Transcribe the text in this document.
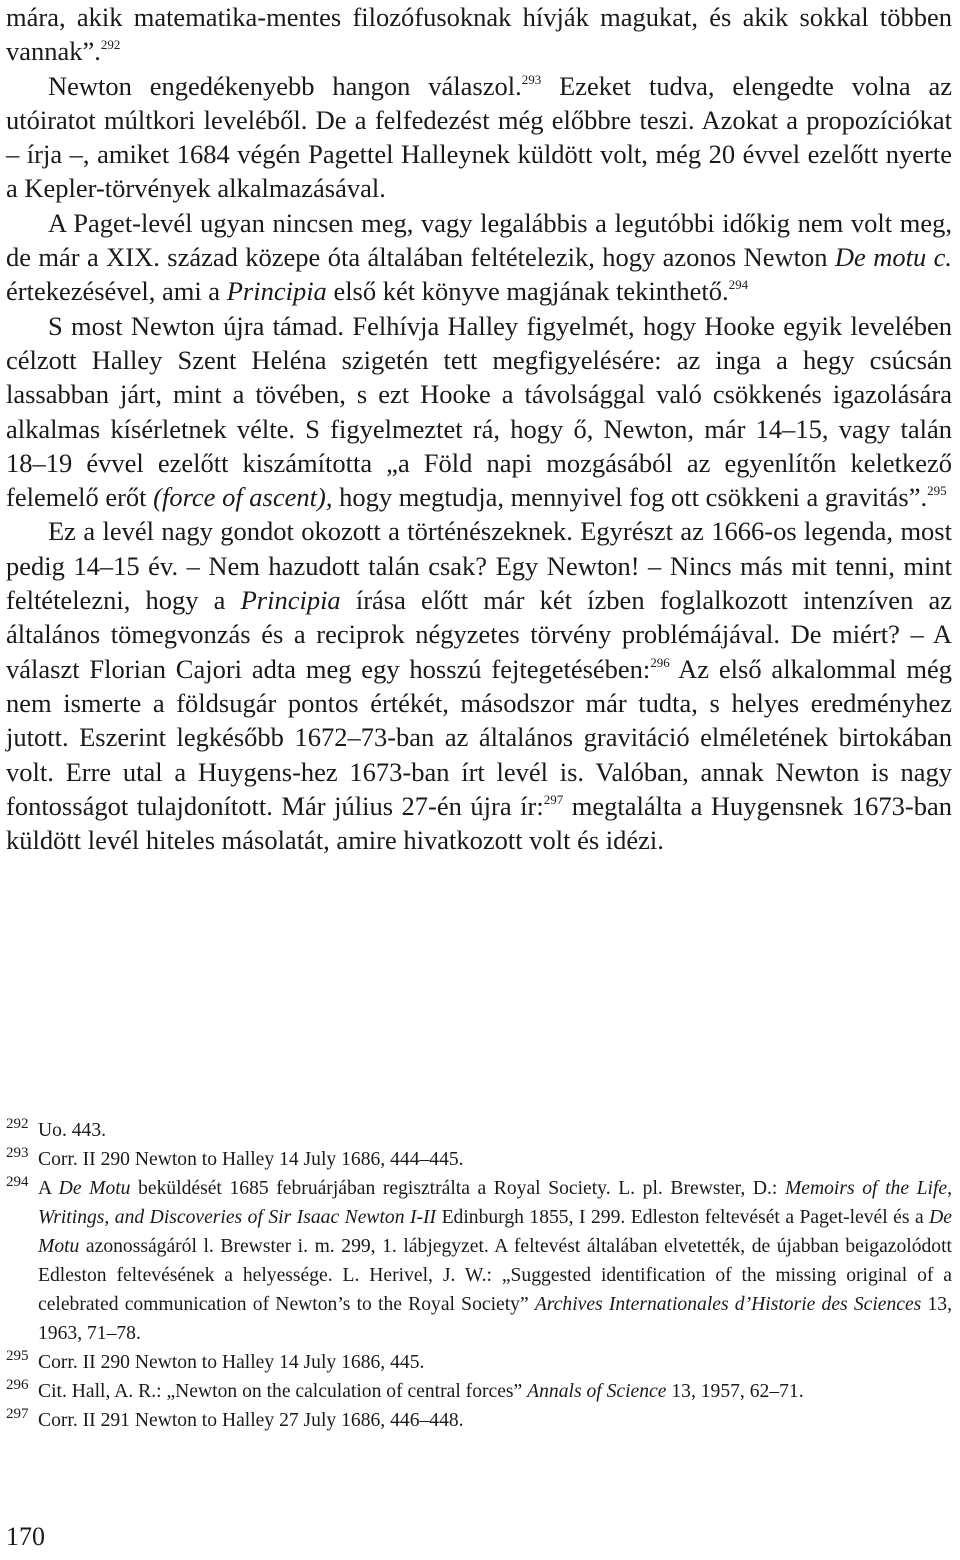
mára, akik matematika-mentes filozófusoknak hívják magukat, és akik sokkal többen vannak”.$^{292}$

Newton engedékenyebb hangon válaszol.$^{293}$ Ezeket tudva, elengedte volna az utóiratot múltkori leveléből. De a felfedezést még előbbre teszi. Azokat a propozíciókat – írja –, amiket 1684 végén Pagettel Halleynek küldött volt, még 20 évvel ezelőtt nyerte a Kepler-törvények alkalmazásával.

A Paget-levél ugyan nincsen meg, vagy legalábbis a legutóbbi időkig nem volt meg, de már a XIX. század közepe óta általában feltételezik, hogy azonos Newton De motu c. értekezésével, ami a Principia első két könyve magjának tekinthető.$^{294}$

S most Newton újra támad. Felhívja Halley figyelmét, hogy Hooke egyik levelében célzott Halley Szent Heléna szigetén tett megfigyelésére: az inga a hegy csúcsán lassabban járt, mint a tövében, s ezt Hooke a távolsággal való csökkenés igazolására alkalmas kísérletnek vélte. S figyelmeztet rá, hogy ő, Newton, már 14–15, vagy talán 18–19 évvel ezelőtt kiszámította „a Föld napi mozgásából az egyenlítőn keletkező felemelő erőt (force of ascent), hogy megtudja, mennyivel fog ott csökkeni a gravitás”.$^{295}$

Ez a levél nagy gondot okozott a történészeknek. Egyrészt az 1666-os legenda, most pedig 14–15 év. – Nem hazudott talán csak? Egy Newton! – Nincs más mit tenni, mint feltételezni, hogy a Principia írása előtt már két ízben foglalkozott intenzíven az általános tömegvonzás és a reciprok négyzetes törvény problémájával. De miért? – A választ Florian Cajori adta meg egy hosszú fejtegetésében:$^{296}$ Az első alkalommal még nem ismerte a földsugár pontos értékét, másodszor már tudta, s helyes eredményhez jutott. Eszerint legkésőbb 1672–73-ban az általános gravitáció elméletének birtokában volt. Erre utal a Huygens-hez 1673-ban írt levél is. Valóban, annak Newton is nagy fontosságot tulajdonított. Már július 27-én újra ír:$^{297}$ megtalálta a Huygensnek 1673-ban küldött levél hiteles másolatát, amire hivatkozott volt és idézi.

292 Uo. 443.
293 Corr. II 290 Newton to Halley 14 July 1686, 444–445.
294 A De Motu beküldését 1685 februárjában regisztrálta a Royal Society. L. pl. Brewster, D.: Memoirs of the Life, Writings, and Discoveries of Sir Isaac Newton I-II Edinburgh 1855, I 299. Edleston feltevését a Paget-levél és a De Motu azonosságáról l. Brewster i. m. 299, 1. lábjegyzet. A feltevést általában elvetették, de újabban beigazolódott Edleston feltevésének a helyessége. L. Herivel, J. W.: „Suggested identification of the missing original of a celebrated communication of Newton’s to the Royal Society” Archives Internationales d’Historie des Sciences 13, 1963, 71–78.
295 Corr. II 290 Newton to Halley 14 July 1686, 445.
296 Cit. Hall, A. R.: „Newton on the calculation of central forces” Annals of Science 13, 1957, 62–71.
297 Corr. II 291 Newton to Halley 27 July 1686, 446–448.
170
